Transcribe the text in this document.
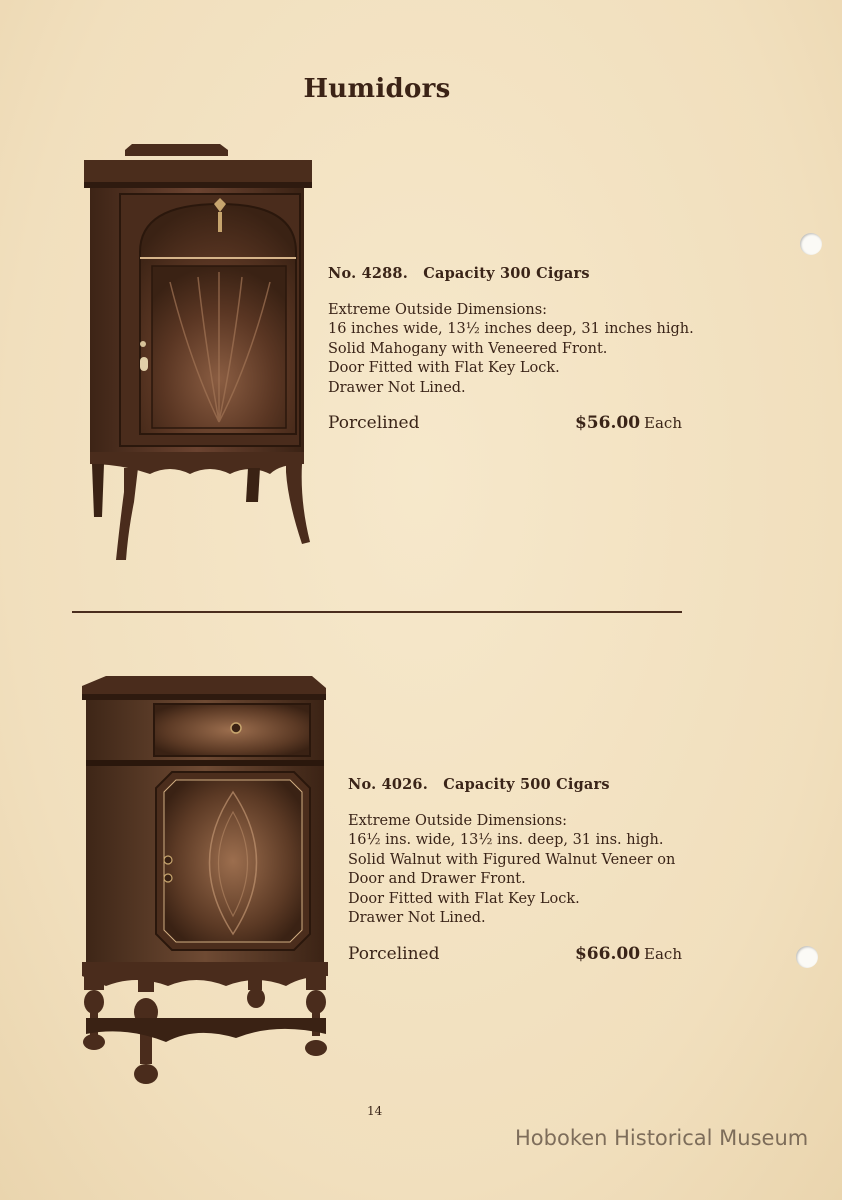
Humidors
No. 4288. Capacity 300 Cigars
Extreme Outside Dimensions:
16 inches wide, 13½ inches deep, 31 inches high.
Solid Mahogany with Veneered Front.
Door Fitted with Flat Key Lock.
Drawer Not Lined.
Porcelined	$56.00 Each
No. 4026. Capacity 500 Cigars
Extreme Outside Dimensions:
16½ ins. wide, 13½ ins. deep, 31 ins. high.
Solid Walnut with Figured Walnut Veneer on
Door and Drawer Front.
Door Fitted with Flat Key Lock.
Drawer Not Lined.
Porcelined	$66.00 Each
14
Hoboken Historical Museum
